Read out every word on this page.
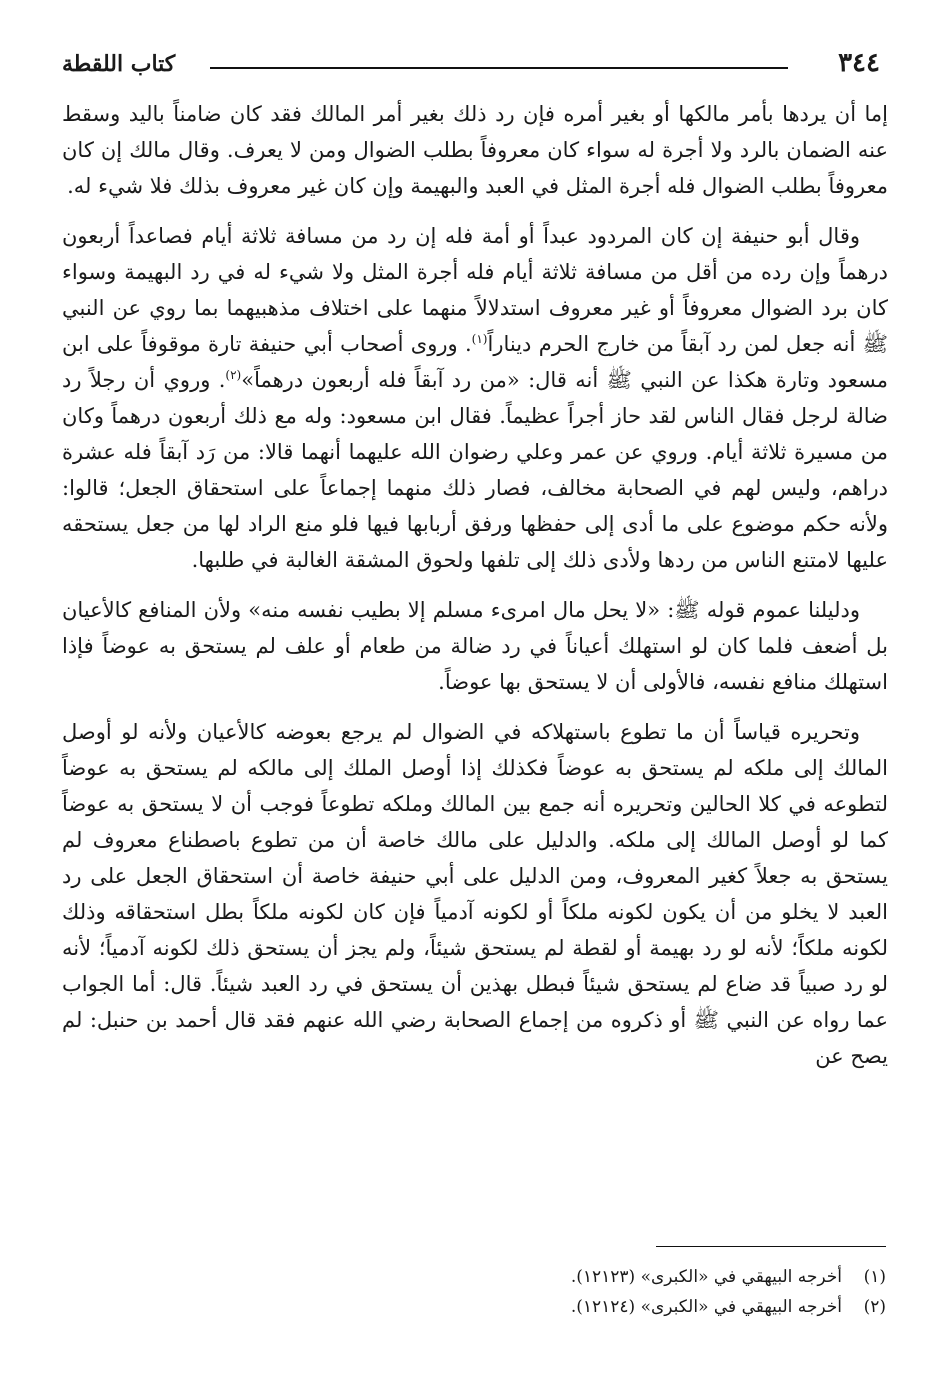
٣٤٤
كتاب اللقطة

إما أن يردها بأمر مالكها أو بغير أمره فإن رد ذلك بغير أمر المالك فقد كان ضامناً باليد وسقط عنه الضمان بالرد ولا أجرة له سواء كان معروفاً بطلب الضوال ومن لا يعرف. وقال مالك إن كان معروفاً بطلب الضوال فله أجرة المثل في العبد والبهيمة وإن كان غير معروف بذلك فلا شيء له.

وقال أبو حنيفة إن كان المردود عبداً أو أمة فله إن رد من مسافة ثلاثة أيام فصاعداً أربعون درهماً وإن رده من أقل من مسافة ثلاثة أيام فله أجرة المثل ولا شيء له في رد البهيمة وسواء كان برد الضوال معروفاً أو غير معروف استدلالاً منهما على اختلاف مذهبيهما بما روي عن النبي ﷺ أنه جعل لمن رد آبقاً من خارج الحرم ديناراً$^{(١)}$. وروى أصحاب أبي حنيفة تارة موقوفاً على ابن مسعود وتارة هكذا عن النبي ﷺ أنه قال: «من رد آبقاً فله أربعون درهماً»$^{(٢)}$. وروي أن رجلاً رد ضالة لرجل فقال الناس لقد حاز أجراً عظيماً. فقال ابن مسعود: وله مع ذلك أربعون درهماً وكان من مسيرة ثلاثة أيام. وروي عن عمر وعلي رضوان الله عليهما أنهما قالا: من رَد آبقاً فله عشرة دراهم، وليس لهم في الصحابة مخالف، فصار ذلك منهما إجماعاً على استحقاق الجعل؛ قالوا: ولأنه حكم موضوع على ما أدى إلى حفظها ورفق أربابها فيها فلو منع الراد لها من جعل يستحقه عليها لامتنع الناس من ردها ولأدى ذلك إلى تلفها ولحوق المشقة الغالبة في طلبها.

ودليلنا عموم قوله ﷺ: «لا يحل مال امرىء مسلم إلا بطيب نفسه منه» ولأن المنافع كالأعيان بل أضعف فلما كان لو استهلك أعياناً في رد ضالة من طعام أو علف لم يستحق به عوضاً فإذا استهلك منافع نفسه، فالأولى أن لا يستحق بها عوضاً.

وتحريره قياساً أن ما تطوع باستهلاكه في الضوال لم يرجع بعوضه كالأعيان ولأنه لو أوصل المالك إلى ملكه لم يستحق به عوضاً فكذلك إذا أوصل الملك إلى مالكه لم يستحق به عوضاً لتطوعه في كلا الحالين وتحريره أنه جمع بين المالك وملكه تطوعاً فوجب أن لا يستحق به عوضاً كما لو أوصل المالك إلى ملكه. والدليل على مالك خاصة أن من تطوع باصطناع معروف لم يستحق به جعلاً كغير المعروف، ومن الدليل على أبي حنيفة خاصة أن استحقاق الجعل على رد العبد لا يخلو من أن يكون لكونه ملكاً أو لكونه آدمياً فإن كان لكونه ملكاً بطل استحقاقه وذلك لكونه ملكاً؛ لأنه لو رد بهيمة أو لقطة لم يستحق شيئاً، ولم يجز أن يستحق ذلك لكونه آدمياً؛ لأنه لو رد صبياً قد ضاع لم يستحق شيئاً فبطل بهذين أن يستحق في رد العبد شيئاً. قال: أما الجواب عما رواه عن النبي ﷺ أو ذكروه من إجماع الصحابة رضي الله عنهم فقد قال أحمد بن حنبل: لم يصح عن

(١)
أخرجه البيهقي في «الكبرى» (١٢١٢٣).
(٢)
أخرجه البيهقي في «الكبرى» (١٢١٢٤).
